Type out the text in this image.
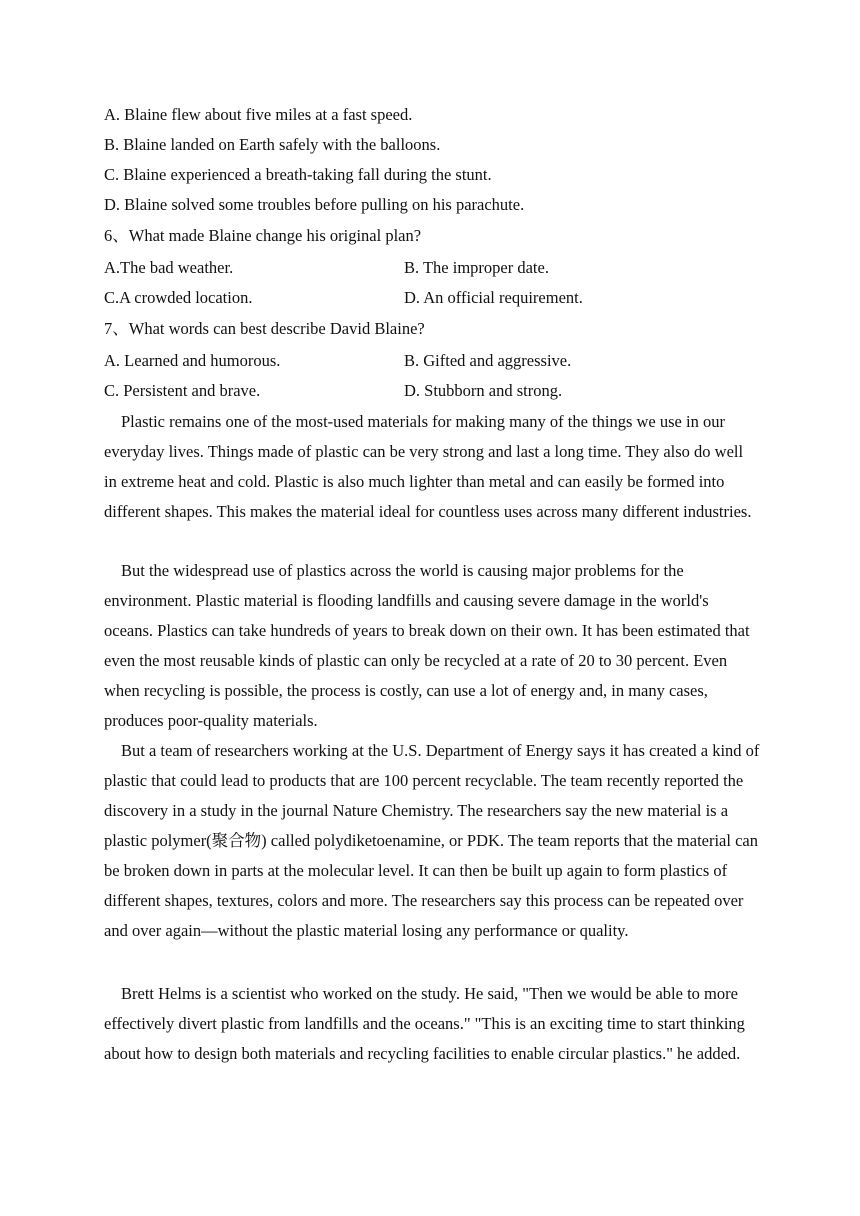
A. Blaine flew about five miles at a fast speed.
B. Blaine landed on Earth safely with the balloons.
C. Blaine experienced a breath-taking fall during the stunt.
D. Blaine solved some troubles before pulling on his parachute.
6、What made Blaine change his original plan?
A.The bad weather.	B. The improper date.
C.A crowded location.	D. An official requirement.
7、What words can best describe David Blaine?
A. Learned and humorous.	B. Gifted and aggressive.
C. Persistent and brave.	D. Stubborn and strong.

Plastic remains one of the most-used materials for making many of the things we use in our everyday lives. Things made of plastic can be very strong and last a long time. They also do well in extreme heat and cold. Plastic is also much lighter than metal and can easily be formed into different shapes. This makes the material ideal for countless uses across many different industries.

But the widespread use of plastics across the world is causing major problems for the environment. Plastic material is flooding landfills and causing severe damage in the world's oceans. Plastics can take hundreds of years to break down on their own. It has been estimated that even the most reusable kinds of plastic can only be recycled at a rate of 20 to 30 percent. Even when recycling is possible, the process is costly, can use a lot of energy and, in many cases, produces poor-quality materials.

But a team of researchers working at the U.S. Department of Energy says it has created a kind of plastic that could lead to products that are 100 percent recyclable. The team recently reported the discovery in a study in the journal Nature Chemistry. The researchers say the new material is a plastic polymer(聚合物) called polydiketoenamine, or PDK. The team reports that the material can be broken down in parts at the molecular level. It can then be built up again to form plastics of different shapes, textures, colors and more. The researchers say this process can be repeated over and over again—without the plastic material losing any performance or quality.

Brett Helms is a scientist who worked on the study. He said, "Then we would be able to more effectively divert plastic from landfills and the oceans." "This is an exciting time to start thinking about how to design both materials and recycling facilities to enable circular plastics." he added.
